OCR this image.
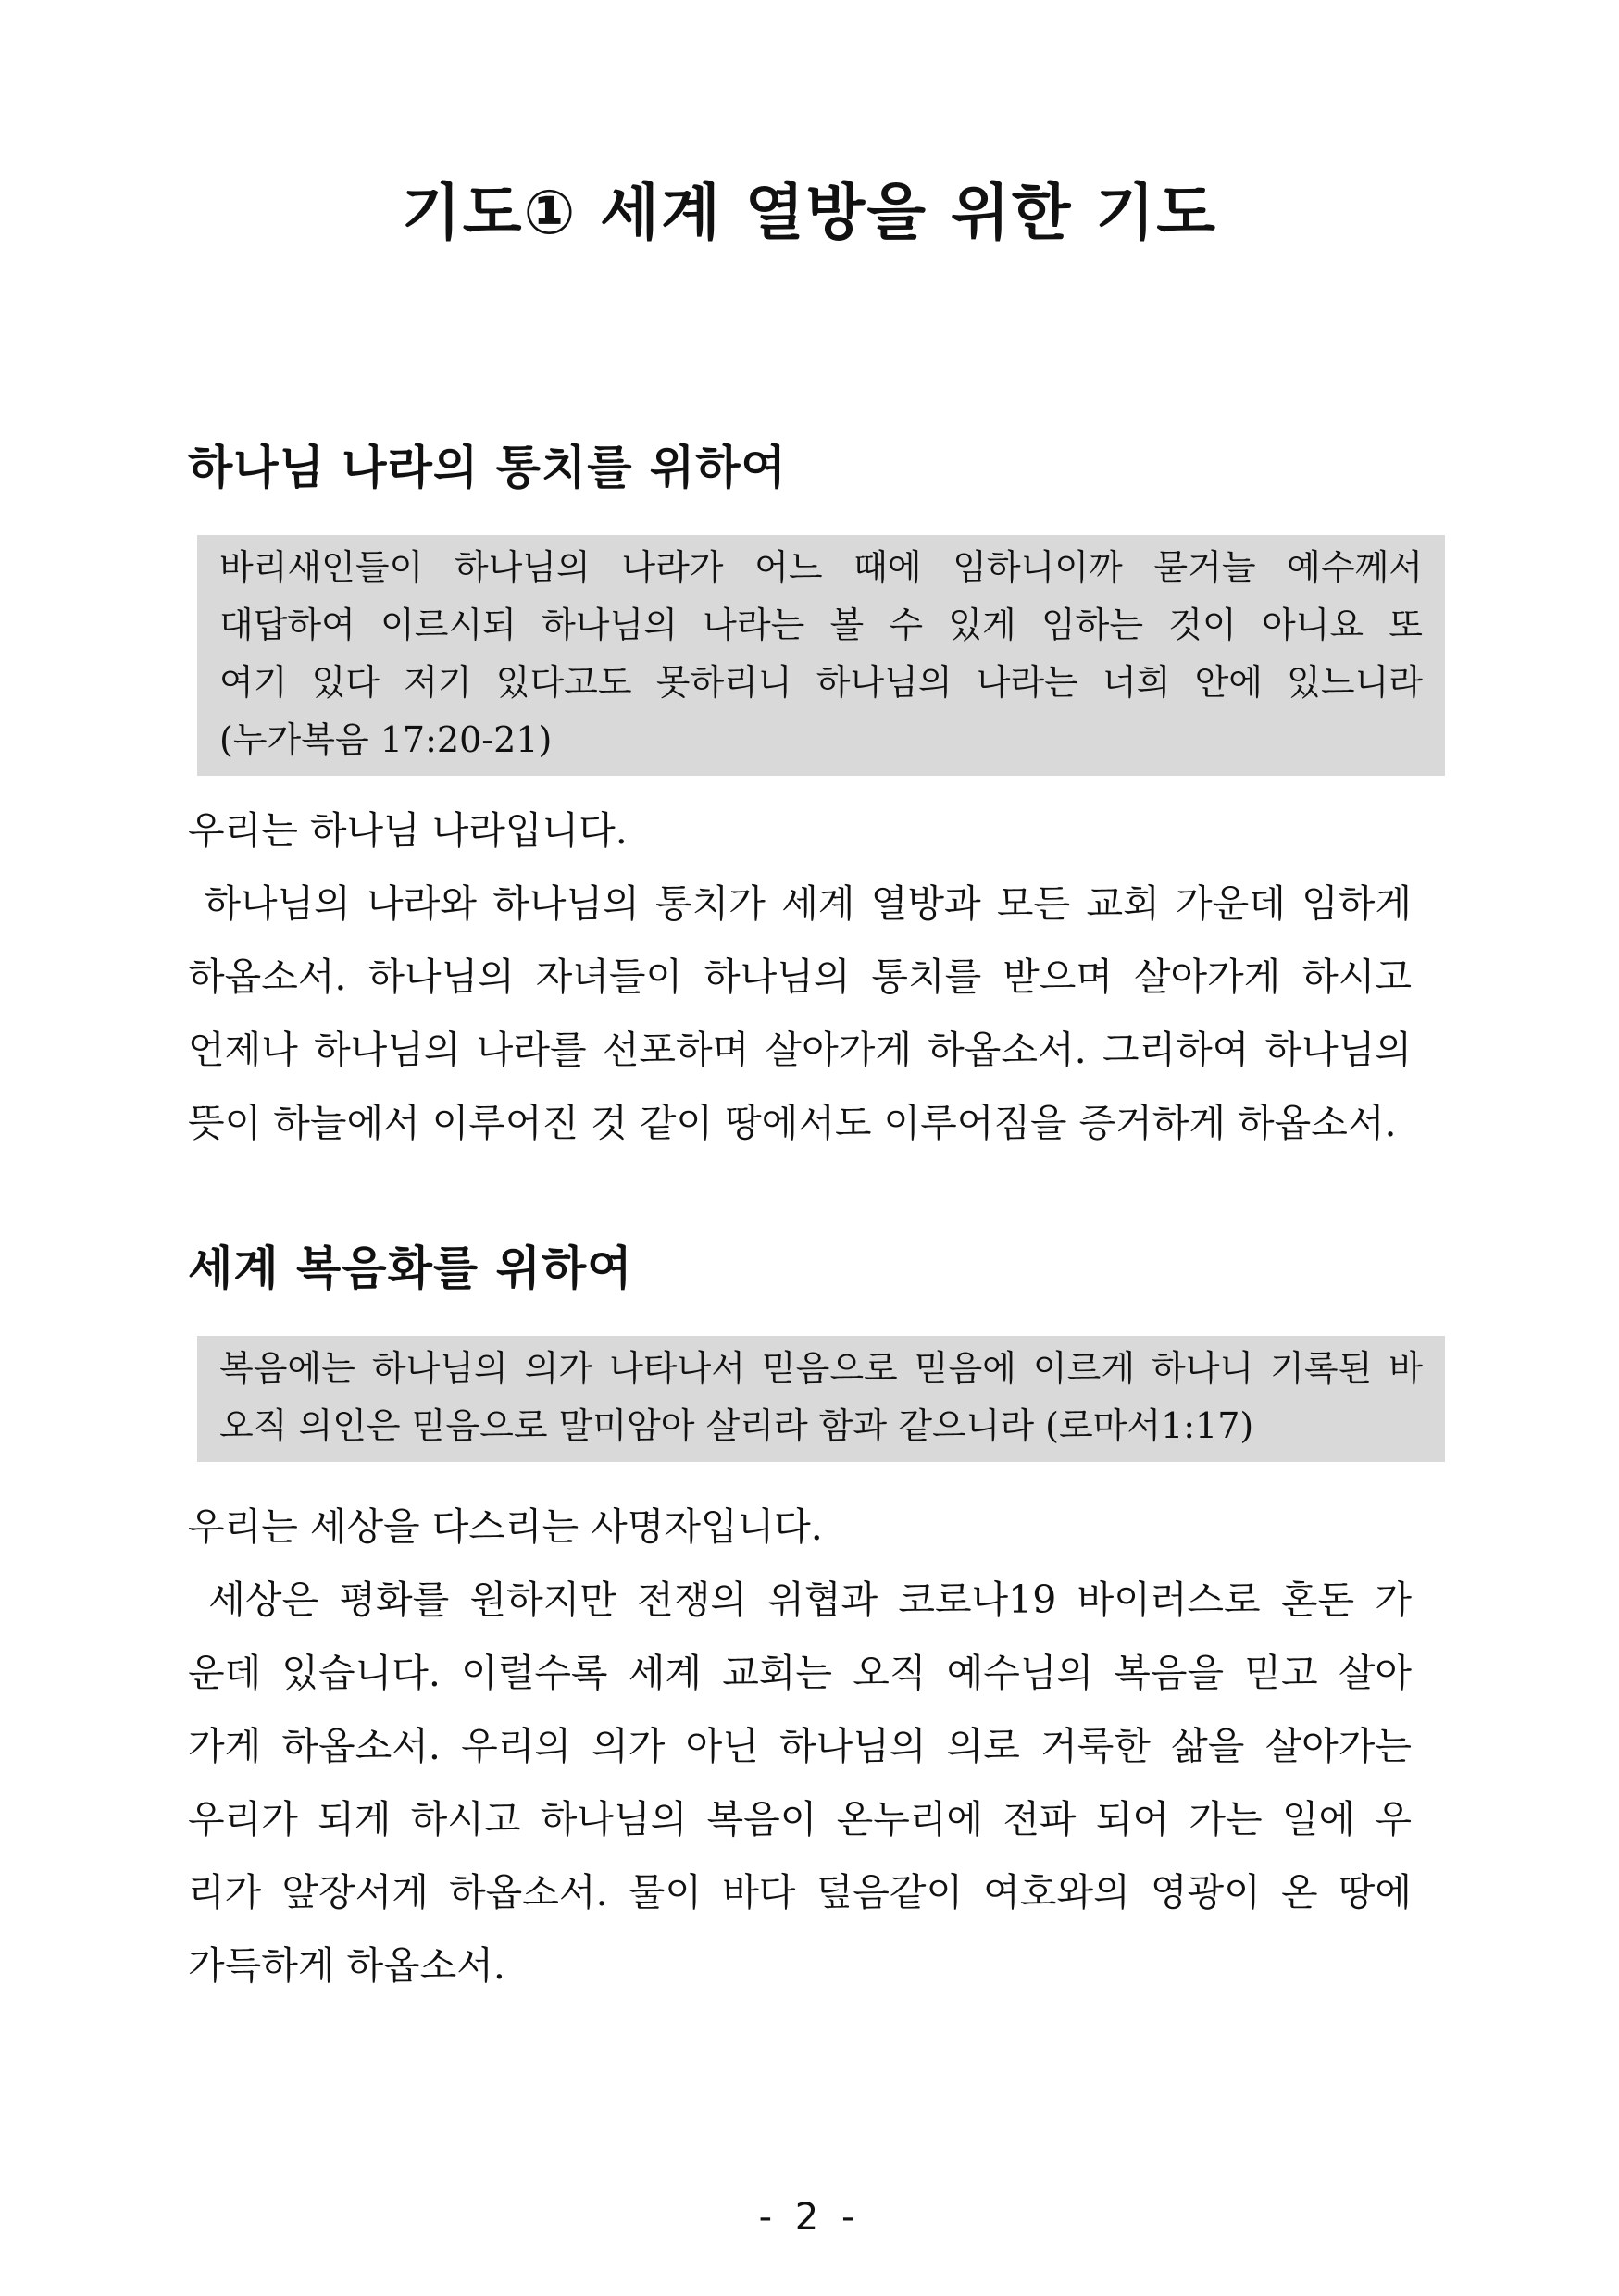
기도① 세계 열방을 위한 기도
하나님 나라의 통치를 위하여
바리새인들이 하나님의 나라가 어느 때에 임하니이까 묻거늘 예수께서
대답하여 이르시되 하나님의 나라는 볼 수 있게 임하는 것이 아니요 또
여기 있다 저기 있다고도 못하리니 하나님의 나라는 너희 안에 있느니라
(누가복음 17:20-21)
우리는 하나님 나라입니다.
하나님의 나라와 하나님의 통치가 세계 열방과 모든 교회 가운데 임하게
하옵소서. 하나님의 자녀들이 하나님의 통치를 받으며 살아가게 하시고
언제나 하나님의 나라를 선포하며 살아가게 하옵소서. 그리하여 하나님의
뜻이 하늘에서 이루어진 것 같이 땅에서도 이루어짐을 증거하게 하옵소서.
세계 복음화를 위하여
복음에는 하나님의 의가 나타나서 믿음으로 믿음에 이르게 하나니 기록된 바
오직 의인은 믿음으로 말미암아 살리라 함과 같으니라 (로마서1:17)
우리는 세상을 다스리는 사명자입니다.
세상은 평화를 원하지만 전쟁의 위협과 코로나19 바이러스로 혼돈 가
운데 있습니다. 이럴수록 세계 교회는 오직 예수님의 복음을 믿고 살아
가게 하옵소서. 우리의 의가 아닌 하나님의 의로 거룩한 삶을 살아가는
우리가 되게 하시고 하나님의 복음이 온누리에 전파 되어 가는 일에 우
리가 앞장서게 하옵소서. 물이 바다 덮음같이 여호와의 영광이 온 땅에
가득하게 하옵소서.
- 2 -
